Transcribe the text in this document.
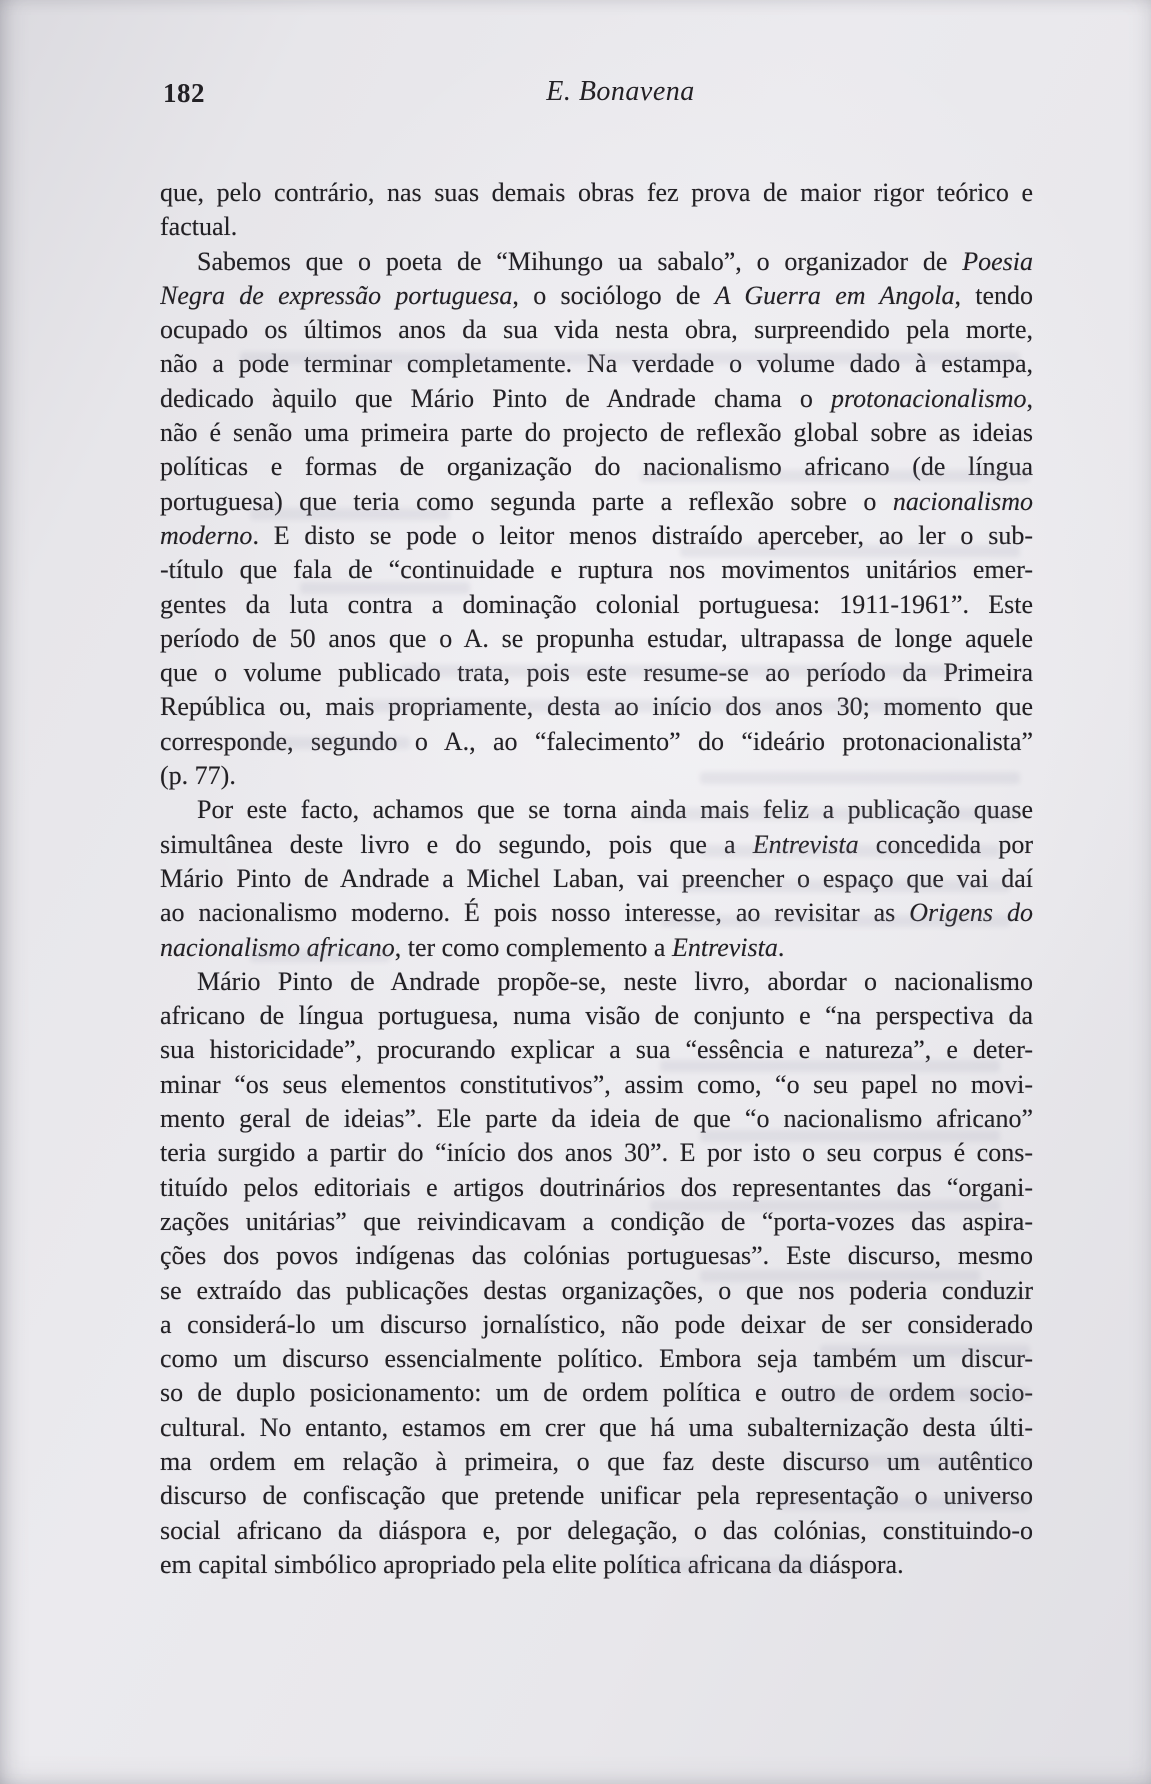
182	E. Bonavena
que, pelo contrário, nas suas demais obras fez prova de maior rigor teórico e
factual.
Sabemos que o poeta de “Mihungo ua sabalo”, o organizador de Poesia
Negra de expressão portuguesa, o sociólogo de A Guerra em Angola, tendo
ocupado os últimos anos da sua vida nesta obra, surpreendido pela morte,
não a pode terminar completamente. Na verdade o volume dado à estampa,
dedicado àquilo que Mário Pinto de Andrade chama o protonacionalismo,
não é senão uma primeira parte do projecto de reflexão global sobre as ideias
políticas e formas de organização do nacionalismo africano (de língua
portuguesa) que teria como segunda parte a reflexão sobre o nacionalismo
moderno. E disto se pode o leitor menos distraído aperceber, ao ler o sub-
-título que fala de “continuidade e ruptura nos movimentos unitários emer-
gentes da luta contra a dominação colonial portuguesa: 1911-1961”. Este
período de 50 anos que o A. se propunha estudar, ultrapassa de longe aquele
que o volume publicado trata, pois este resume-se ao período da Primeira
República ou, mais propriamente, desta ao início dos anos 30; momento que
corresponde, segundo o A., ao “falecimento” do “ideário protonacionalista”
(p. 77).
Por este facto, achamos que se torna ainda mais feliz a publicação quase
simultânea deste livro e do segundo, pois que a Entrevista concedida por
Mário Pinto de Andrade a Michel Laban, vai preencher o espaço que vai daí
ao nacionalismo moderno. É pois nosso interesse, ao revisitar as Origens do
nacionalismo africano, ter como complemento a Entrevista.
Mário Pinto de Andrade propõe-se, neste livro, abordar o nacionalismo
africano de língua portuguesa, numa visão de conjunto e “na perspectiva da
sua historicidade”, procurando explicar a sua “essência e natureza”, e deter-
minar “os seus elementos constitutivos”, assim como, “o seu papel no movi-
mento geral de ideias”. Ele parte da ideia de que “o nacionalismo africano”
teria surgido a partir do “início dos anos 30”. E por isto o seu corpus é cons-
tituído pelos editoriais e artigos doutrinários dos representantes das “organi-
zações unitárias” que reivindicavam a condição de “porta-vozes das aspira-
ções dos povos indígenas das colónias portuguesas”. Este discurso, mesmo
se extraído das publicações destas organizações, o que nos poderia conduzir
a considerá-lo um discurso jornalístico, não pode deixar de ser considerado
como um discurso essencialmente político. Embora seja também um discur-
so de duplo posicionamento: um de ordem política e outro de ordem socio-
cultural. No entanto, estamos em crer que há uma subalternização desta últi-
ma ordem em relação à primeira, o que faz deste discurso um autêntico
discurso de confiscação que pretende unificar pela representação o universo
social africano da diáspora e, por delegação, o das colónias, constituindo-o
em capital simbólico apropriado pela elite política africana da diáspora.
